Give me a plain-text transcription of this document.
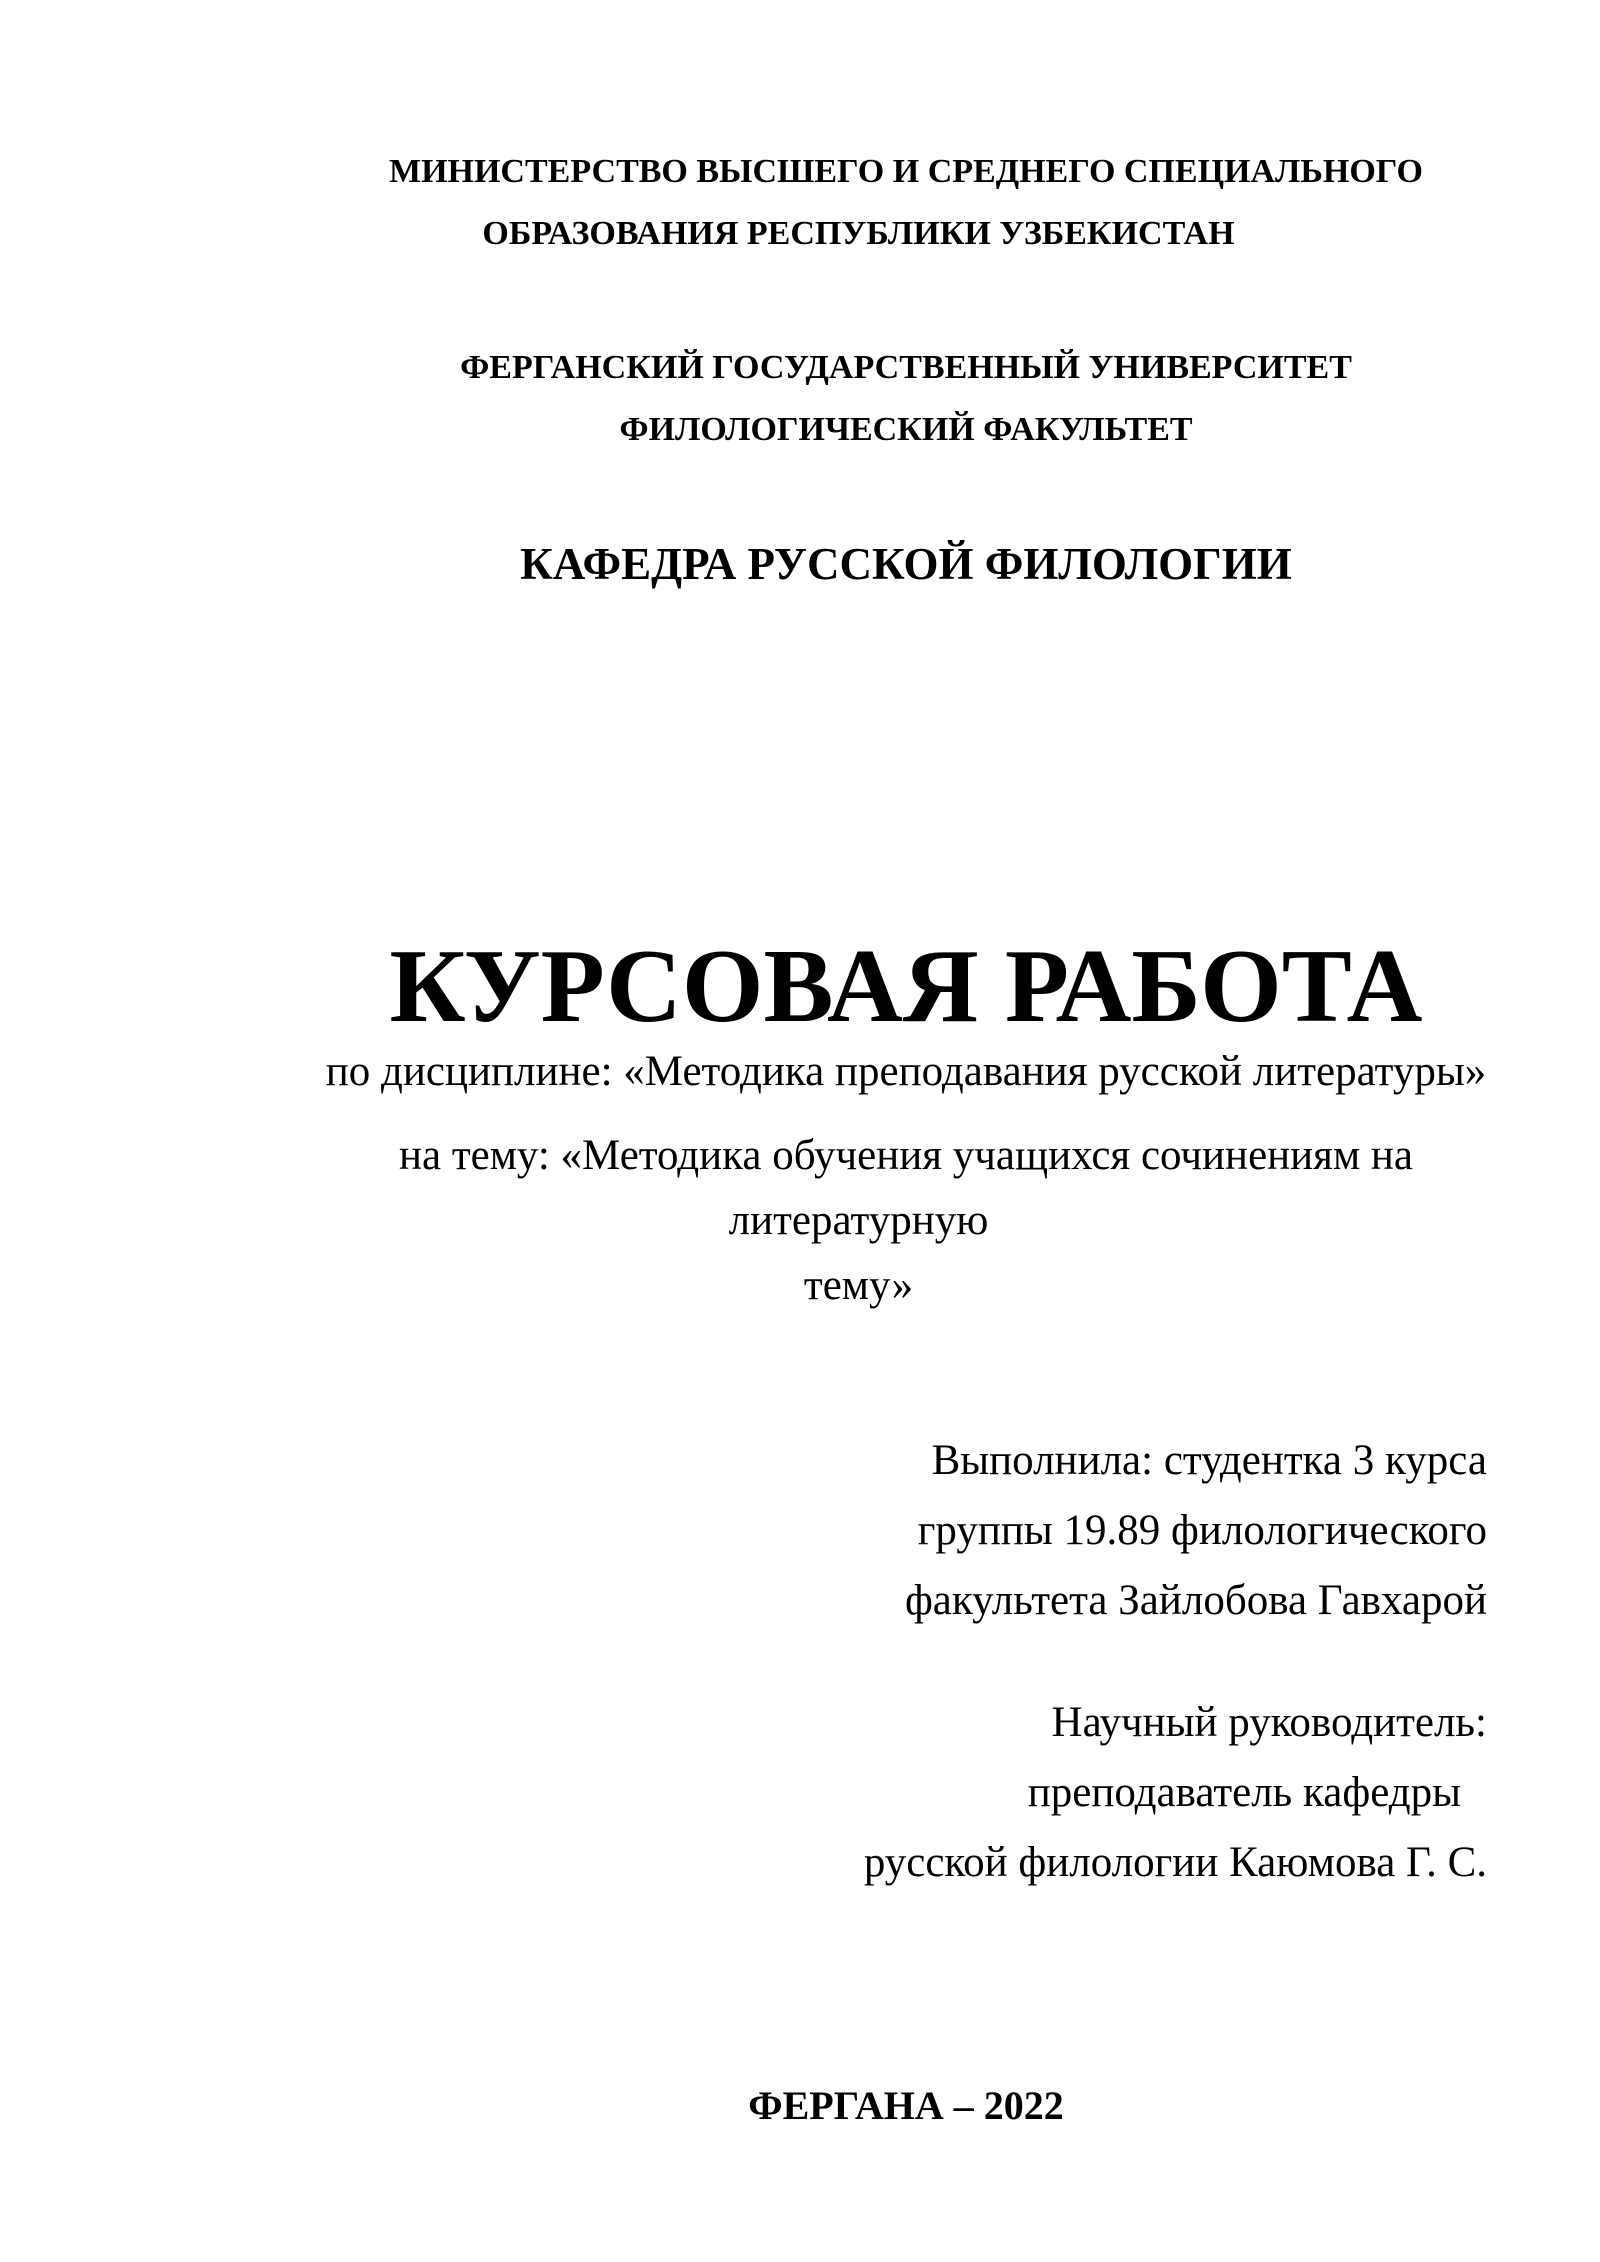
МИНИСТЕРСТВО ВЫСШЕГО И СРЕДНЕГО СПЕЦИАЛЬНОГО
ОБРАЗОВАНИЯ РЕСПУБЛИКИ УЗБЕКИСТАН
ФЕРГАНСКИЙ ГОСУДАРСТВЕННЫЙ УНИВЕРСИТЕТ
ФИЛОЛОГИЧЕСКИЙ ФАКУЛЬТЕТ
КАФЕДРА РУССКОЙ ФИЛОЛОГИИ
КУРСОВАЯ РАБОТА
по дисциплине: «Методика преподавания русской литературы»
на тему: «Методика обучения учащихся сочинениям на литературную
тему»
Выполнила: студентка 3 курса
группы 19.89 филологического
факультета Зайлобова Гавхарой
Научный руководитель:
преподаватель кафедры
русской филологии Каюмова Г. С.
ФЕРГАНА – 2022
